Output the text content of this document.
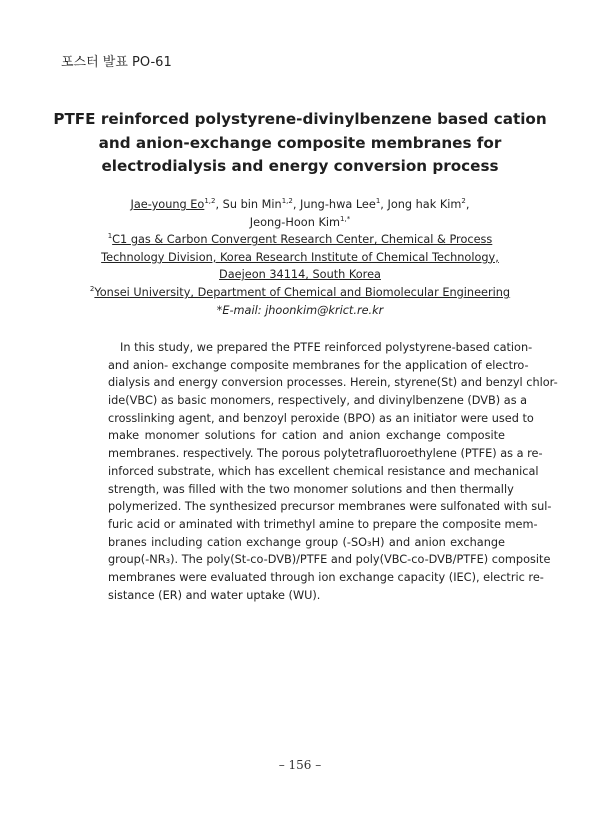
포스터 발표 PO-61
PTFE reinforced polystyrene-divinylbenzene based cation
and anion-exchange composite membranes for
electrodialysis and energy conversion process
Jae-young Eo$^{1,2}$, Su bin Min$^{1,2}$, Jung-hwa Lee$^1$, Jong hak Kim$^2$,
Jeong-Hoon Kim$^{1,*}$
$^1$C1 gas & Carbon Convergent Research Center, Chemical & Process
Technology Division, Korea Research Institute of Chemical Technology,
Daejeon 34114, South Korea
$^2$Yonsei University, Department of Chemical and Biomolecular Engineering
*E-mail: jhoonkim@krict.re.kr
In this study, we prepared the PTFE reinforced polystyrene-based cation-
and anion- exchange composite membranes for the application of electro-
dialysis and energy conversion processes. Herein, styrene(St) and benzyl chlor-
ide(VBC) as basic monomers, respectively, and divinylbenzene (DVB) as a
crosslinking agent, and benzoyl peroxide (BPO) as an initiator were used to
make monomer solutions for cation and anion exchange composite
membranes. respectively. The porous polytetrafluoroethylene (PTFE) as a re-
inforced substrate, which has excellent chemical resistance and mechanical
strength, was filled with the two monomer solutions and then thermally
polymerized. The synthesized precursor membranes were sulfonated with sul-
furic acid or aminated with trimethyl amine to prepare the composite mem-
branes including cation exchange group (-SO₃H) and anion exchange
group(-NR₃). The poly(St-co-DVB)/PTFE and poly(VBC-co-DVB/PTFE) composite
membranes were evaluated through ion exchange capacity (IEC), electric re-
sistance (ER) and water uptake (WU).
– 156 –
